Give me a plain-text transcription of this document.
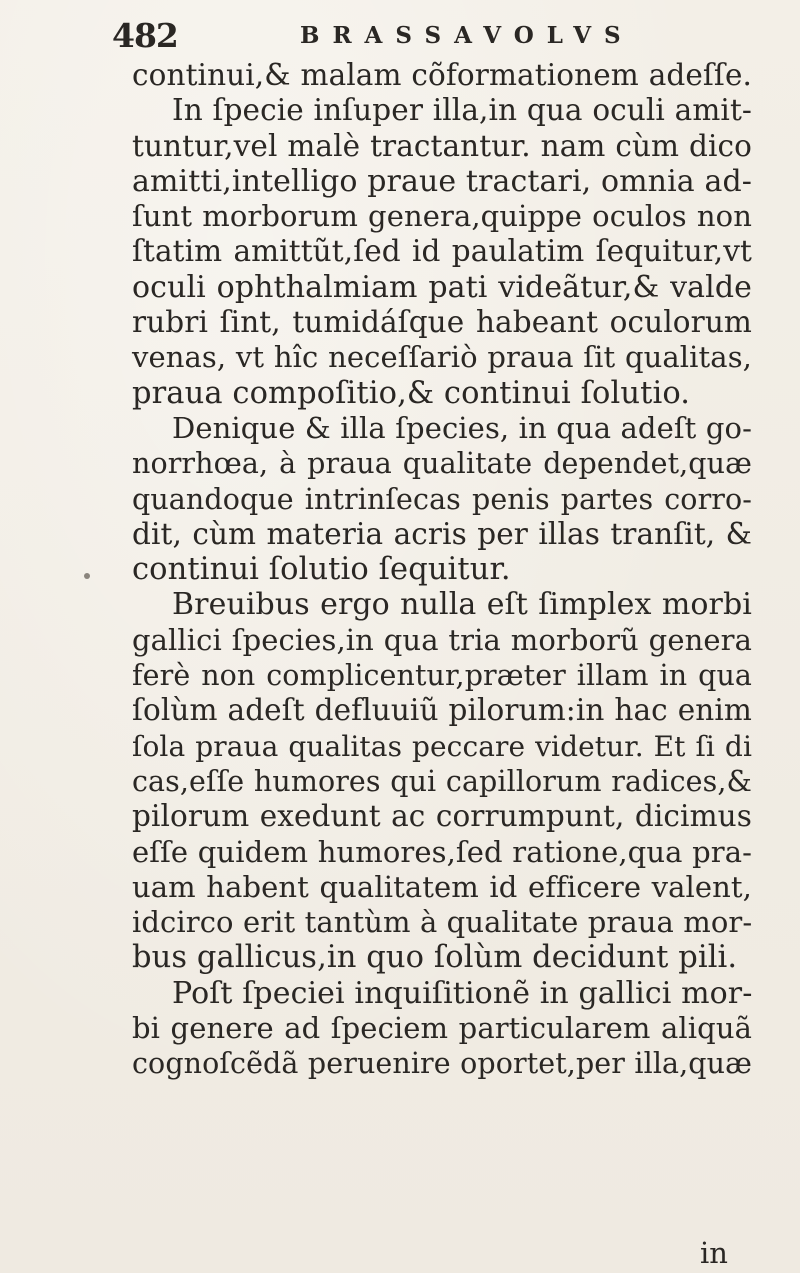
482	BRASSAVOLVS
continui,& malam cõformationem adeſſe.
In ſpecie inſuper illa,in qua oculi amit-
tuntur,vel malè tractantur. nam cùm dico
amitti,intelligo praue tractari, omnia ad-
ſunt morborum genera,quippe oculos non
ſtatim amittũt,ſed id paulatim ſequitur,vt
oculi ophthalmiam pati videãtur,& valde
rubri ſint, tumidáſque habeant oculorum
venas, vt hîc neceſſariò praua ſit qualitas,
praua compoſitio,& continui ſolutio.
Denique & illa ſpecies, in qua adeſt go-
norrhœa, à praua qualitate dependet,quæ
quandoque intrinſecas penis partes corro-
dit, cùm materia acris per illas tranſit, &
continui ſolutio ſequitur.
Breuibus ergo nulla eſt ſimplex morbi
gallici ſpecies,in qua tria morborũ genera
ferè non complicentur,præter illam in qua
ſolùm adeſt defluuiũ pilorum:in hac enim
ſola praua qualitas peccare videtur. Et ſi di
cas,eſſe humores qui capillorum radices,&
pilorum exedunt ac corrumpunt, dicimus
eſſe quidem humores,ſed ratione,qua pra-
uam habent qualitatem id efficere valent,
idcirco erit tantùm à qualitate praua mor-
bus gallicus,in quo ſolùm decidunt pili.
Poſt ſpeciei inquiſitionẽ in gallici mor-
bi genere ad ſpeciem particularem aliquã
cognoſcẽdã peruenire oportet,per illa,quæ
in
